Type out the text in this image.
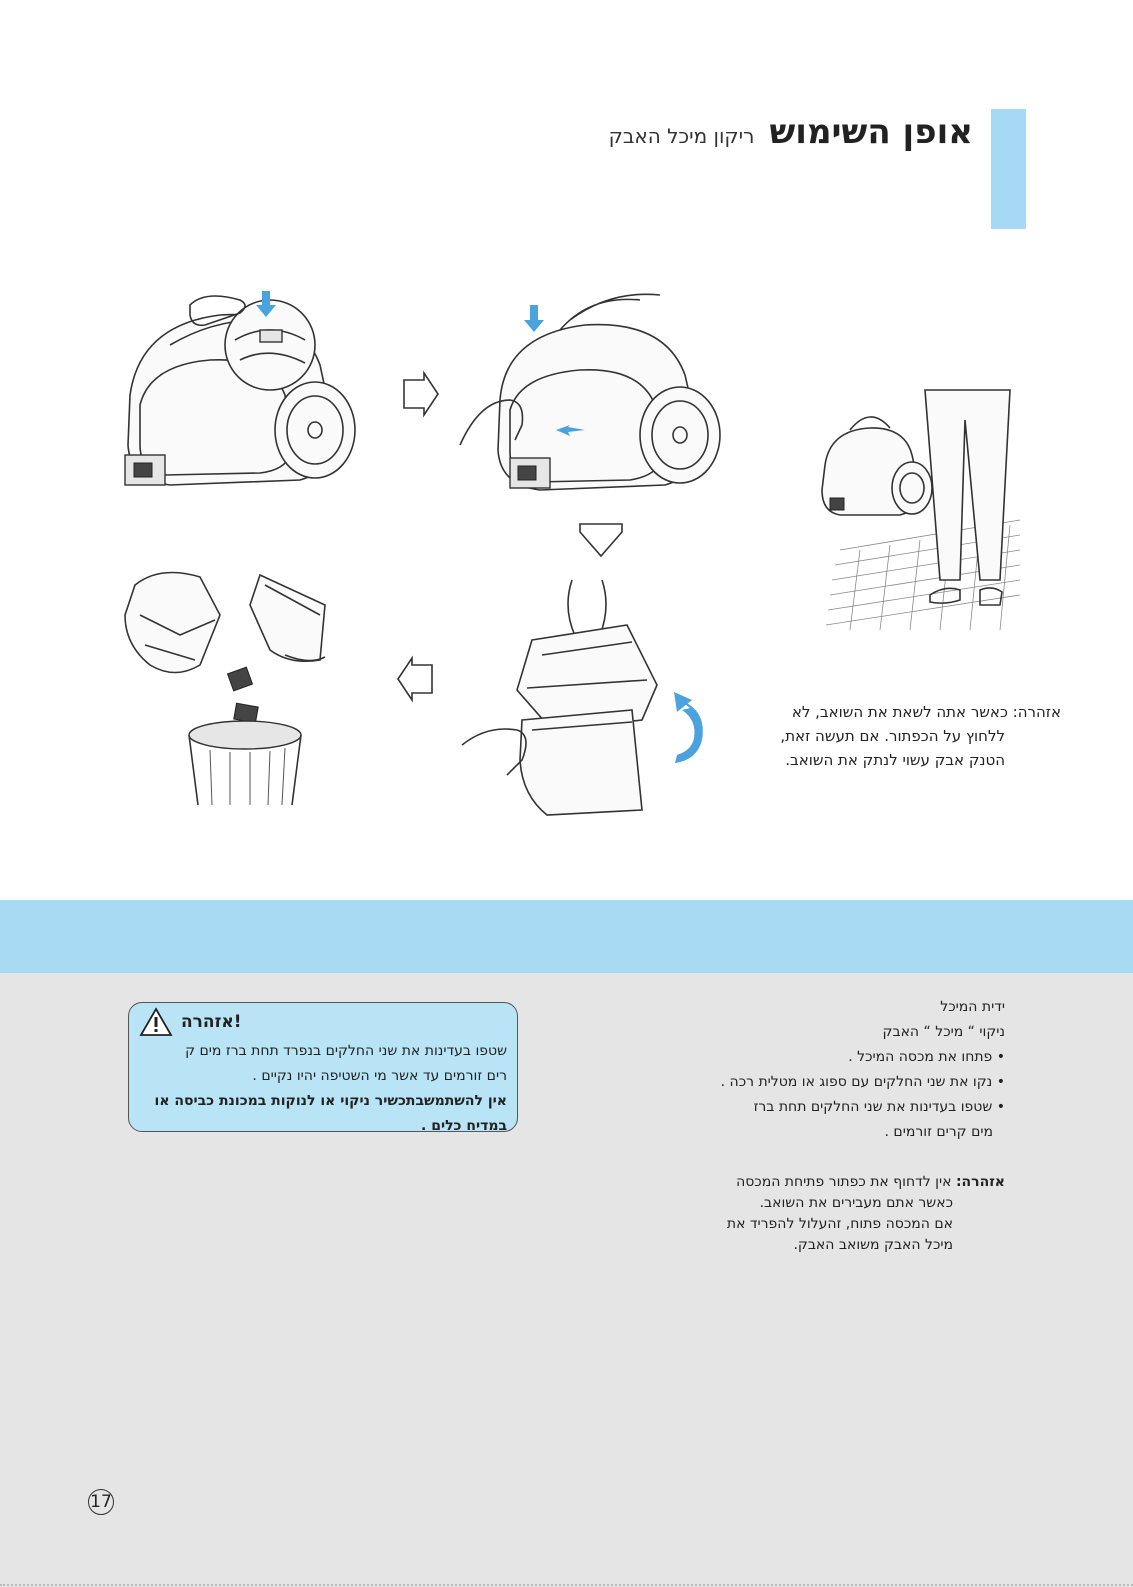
אופן השימוש ריקון מיכל האבק
אזהרה: כאשר אתה לשאת את השואב, לא
ללחוץ על הכפתור. אם תעשה זאת,
הטנק אבק עשוי לנתק את השואב.
!אזהרה
שטפו בעדינות את שני החלקים בנפרד תחת ברז מים ק
רים זורמים עד אשר מי השטיפה יהיו נקיים .
אין להשתמשבתכשיר ניקוי או לנוקות במכונת כביסה או
במדיח כלים .
ידית המיכל
ניקוי “ מיכל “ האבק
• פתחו את מכסה המיכל .
• נקו את שני החלקים עם ספוג או מטלית רכה .
• שטפו בעדינות את שני החלקים תחת ברז
מים קרים זורמים .
אזהרה: אין לדחוף את כפתור פתיחת המכסה
כאשר אתם מעבירים את השואב.
אם המכסה פתוח, זהעלול להפריד את
מיכל האבק משואב האבק.
17
